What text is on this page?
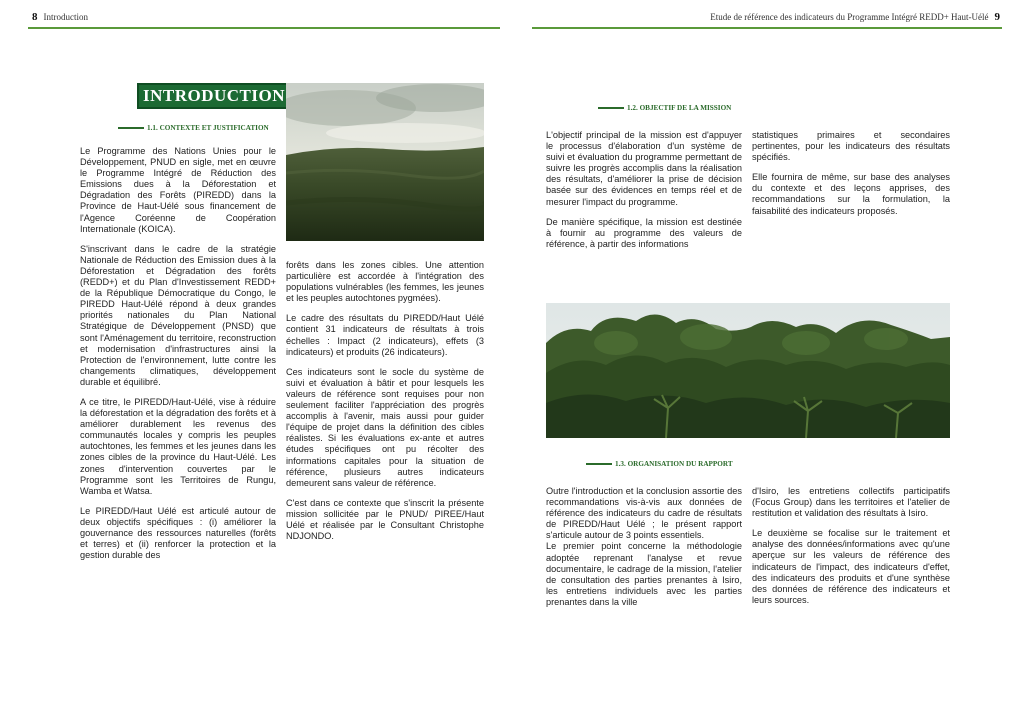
8 Introduction	Etude de référence des indicateurs du Programme Intégré REDD+ Haut-Uélé 9
INTRODUCTION
1.1. CONTEXTE ET JUSTIFICATION

Le Programme des Nations Unies pour le Développement, PNUD en sigle, met en œuvre le Programme Intégré de Réduction des Emissions dues à la Déforestation et Dégradation des Forêts (PIREDD) dans la Province de Haut-Uélé sous financement de l'Agence Coréenne de Coopération Internationale (KOICA).

S'inscrivant dans le cadre de la stratégie Nationale de Réduction des Emission dues à la Déforestation et Dégradation des forêts (REDD+) et du Plan d'Investissement REDD+ de la République Démocratique du Congo, le PIREDD Haut-Uélé répond à deux grandes priorités nationales du Plan National Stratégique de Développement (PNSD) que sont l'Aménagement du territoire, reconstruction et modernisation d'infrastructures ainsi la Protection de l'environnement, lutte contre les changements climatiques, développement durable et équilibré.

A ce titre, le PIREDD/Haut-Uélé, vise à réduire la déforestation et la dégradation des forêts et à améliorer durablement les revenus des communautés locales y compris les peuples autochtones, les femmes et les jeunes dans les zones cibles de la province du Haut-Uélé. Les zones d'intervention couvertes par le Programme sont les Territoires de Rungu, Wamba et Watsa.

Le PIREDD/Haut Uélé est articulé autour de deux objectifs spécifiques : (i) améliorer la gouvernance des ressources naturelles (forêts et terres) et (ii) renforcer la protection et la gestion durable des

forêts dans les zones cibles. Une attention particulière est accordée à l'intégration des populations vulnérables (les femmes, les jeunes et les peuples autochtones pygmées).

Le cadre des résultats du PIREDD/Haut Uélé contient 31 indicateurs de résultats à trois échelles : Impact (2 indicateurs), effets (3 indicateurs) et produits (26 indicateurs).

Ces indicateurs sont le socle du système de suivi et évaluation à bâtir et pour lesquels les valeurs de référence sont requises pour non seulement faciliter l'appréciation des progrès accomplis à l'avenir, mais aussi pour guider l'équipe de projet dans la définition des cibles réalistes. Si les évaluations ex-ante et autres études spécifiques ont pu récolter des informations capitales pour la situation de référence, plusieurs autres indicateurs demeurent sans valeur de référence.

C'est dans ce contexte que s'inscrit la présente mission sollicitée par le PNUD/ PIREE/Haut Uélé et réalisée par le Consultant Christophe NDJONDO.

1.2. OBJECTIF DE LA MISSION

L'objectif principal de la mission est d'appuyer le processus d'élaboration d'un système de suivi et évaluation du programme permettant de suivre les progrès accomplis dans la réalisation des résultats, d'améliorer la prise de décision basée sur des évidences en temps réel et de mesurer l'impact du programme.

De manière spécifique, la mission est destinée à fournir au programme des valeurs de référence, à partir des informations

statistiques primaires et secondaires pertinentes, pour les indicateurs des résultats spécifiés.

Elle fournira de même, sur base des analyses du contexte et des leçons apprises, des recommandations sur la formulation, la faisabilité des indicateurs proposés.

1.3. ORGANISATION DU RAPPORT

Outre l'introduction et la conclusion assortie des recommandations vis-à-vis aux données de référence des indicateurs du cadre de résultats de PIREDD/Haut Uélé ; le présent rapport s'articule autour de 3 points essentiels.

Le premier point concerne la méthodologie adoptée reprenant l'analyse et revue documentaire, le cadrage de la mission, l'atelier de consultation des parties prenantes à Isiro, les entretiens individuels avec les parties prenantes dans la ville

d'Isiro, les entretiens collectifs participatifs (Focus Group) dans les territoires et l'atelier de restitution et validation des résultats à Isiro.

Le deuxième se focalise sur le traitement et analyse des données/informations avec qu'une aperçue sur les valeurs de référence des indicateurs de l'impact, des indicateurs d'effet, des indicateurs des produits et d'une synthèse des données de référence des indicateurs et leurs sources.
